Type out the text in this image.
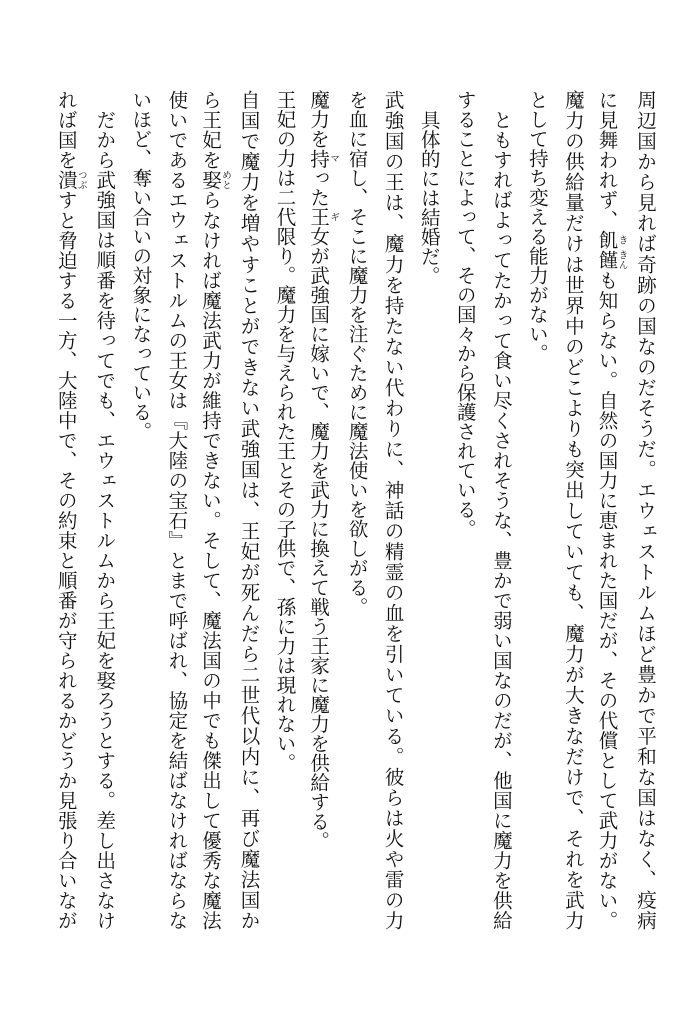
周辺国から見れば奇跡の国なのだそうだ。エウェストルムほど豊かで平和な国はなく、疫病
に見舞われず、飢き饉きんも知らない。自然の国力に恵まれた国だが、その代償として武力がない。
魔力の供給量だけは世界中のどこよりも突出していても、魔力が大きなだけで、それを武力
として持ち変える能力がない。
ともすればよってたかって食い尽くされそうな、豊かで弱い国なのだが、他国に魔力を供給
することによって、その国々から保護されている。
具体的には結婚だ。
武強国の王は、魔力を持たない代わりに、神話の精霊の血を引いている。彼らは火や雷の力
を血に宿し、そこに魔力を注ぐために魔法使いを欲しがる。
魔力を持マった王ギ女が武強国に嫁いで、魔力を武力に換えて戦う王家に魔力を供給する。
王妃の力は二代限り。魔力を与えられた王とその子供で、孫に力は現れない。
自国で魔力を増やすことができない武強国は、王妃が死んだら二世代以内に、再び魔法国か
ら王妃を娶めとらなければ魔法武力が維持できない。そして、魔法国の中でも傑出して優秀な魔法
使いであるエウェストルムの王女は『大陸の宝石』とまで呼ばれ、協定を結ばなければならな
いほど、奪い合いの対象になっている。
だから武強国は順番を待ってでも、エウェストルムから王妃を娶ろうとする。差し出さなけ
れば国を潰つぶすと脅迫する一方、大陸中で、その約束と順番が守られるかどうか見張り合いなが
